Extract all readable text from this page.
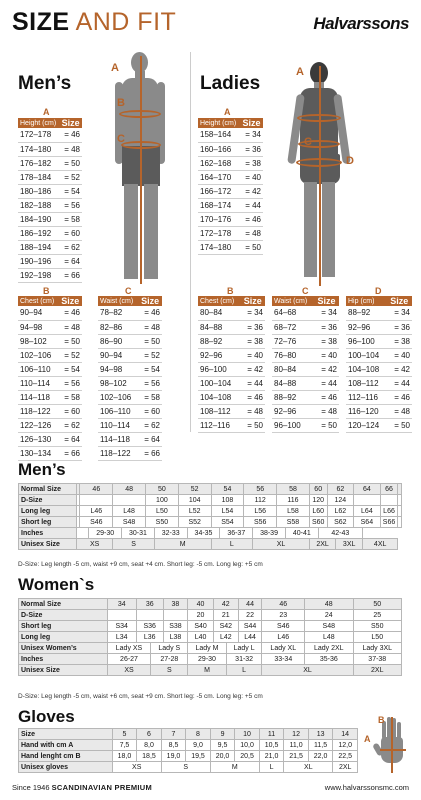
SIZE AND FIT	Halvarssons
Men’s
A
B
C
A
Height (cm)	Size
172–178	= 46
174–180	= 48
176–182	= 50
178–184	= 52
180–186	= 54
182–188	= 56
184–190	= 58
186–192	= 60
188–194	= 62
190–196	= 64
192–198	= 66
Ladies
A
C
D
A
Height (cm)	Size
158–164	= 34
160–166	= 36
162–168	= 38
164–170	= 40
166–172	= 42
168–174	= 44
170–176	= 46
172–178	= 48
174–180	= 50
B
Chest (cm)	Size
90–94	= 46
94–98	= 48
98–102	= 50
102–106	= 52
106–110	= 54
110–114	= 56
114–118	= 58
118–122	= 60
122–126	= 62
126–130	= 64
130–134	= 66
C
Waist (cm)	Size
78–82	= 46
82–86	= 48
86–90	= 50
90–94	= 52
94–98	= 54
98–102	= 56
102–106	= 58
106–110	= 60
110–114	= 62
114–118	= 64
118–122	= 66
B
Chest (cm)	Size
80–84	= 34
84–88	= 36
88–92	= 38
92–96	= 40
96–100	= 42
100–104	= 44
104–108	= 46
108–112	= 48
112–116	= 50
C
Waist (cm)	Size
64–68	= 34
68–72	= 36
72–76	= 38
76–80	= 40
80–84	= 42
84–88	= 44
88–92	= 46
92–96	= 48
96–100	= 50
D
Hip (cm)	Size
88–92	= 34
92–96	= 36
96–100	= 38
100–104	= 40
104–108	= 42
108–112	= 44
112–116	= 46
116–120	= 48
120–124	= 50
Men’s
Normal Size		46		48		50		52		54		56		58		60		62		64		66	
D-Size						100		104		108		112		116		120		124					
Long leg		L46		L48		L50		L52		L54		L56		L58		L60		L62		L64		L66	
Short leg		S46		S48		S50		S52		S54		S56		S58		S60		S62		S64		S66	
Inches			29-30		30-31		32-33		34-35		36-37		38-39		40-41		42-43						
Unisex Size	XS			S			M			L			XL			2XL			3XL		4XL		
D-Size: Leg length -5 cm, waist +9 cm, seat +4 cm. Short leg: -5 cm. Long leg: +5 cm
Women`s
Normal Size	34	36		38	40	42		44	46	48	50
D-Size					20	21		22	23	24	25
Short leg	S34	S36		S38	S40	S42		S44	S46	S48	S50
Long leg	L34	L36		L38	L40	L42		L44	L46	L48	L50
Unisex Women’s	Lady XS		Lady S		Lady M		Lady L		Lady XL	Lady 2XL	Lady 3XL
Inches	26-27		27-28		29-30		31-32		33-34	35-36	37-38
Unisex Size	XS		S		M		L		XL		2XL
D-Size: Leg length -5 cm, waist +6 cm, seat +9 cm. Short leg: -5 cm. Long leg: +5 cm
Gloves
Size	5	6	7	8	9	10	11	12	13	14
Hand with cm A	7,5	8,0	8,5	9,0	9,5	10,0	10,5	11,0	11,5	12,0
Hand lenght cm B	18,0	18,5	19,0	19,5	20,0	20,5	21,0	21,5	22,0	22,5
Unisex gloves	XS		S		M		L	XL		2XL
B
A
Since 1946 SCANDINAVIAN PREMIUM	www.halvarssonsmc.com
